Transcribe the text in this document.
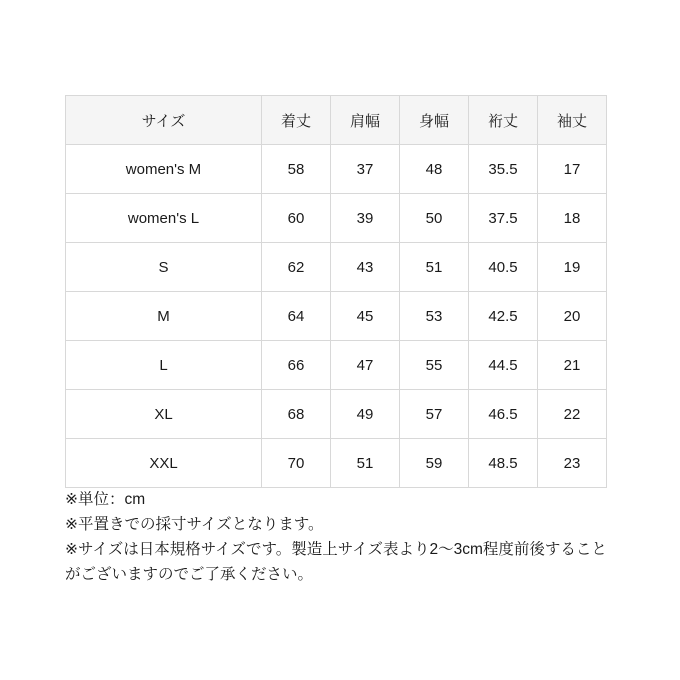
サイズ	着丈	肩幅	身幅	裄丈	袖丈
women's M	58	37	48	35.5	17
women's L	60	39	50	37.5	18
S	62	43	51	40.5	19
M	64	45	53	42.5	20
L	66	47	55	44.5	21
XL	68	49	57	46.5	22
XXL	70	51	59	48.5	23

※単位：cm

※平置きでの採寸サイズとなります。

※サイズは日本規格サイズです。製造上サイズ表より2〜3cm程度前後することがございますのでご了承ください。
